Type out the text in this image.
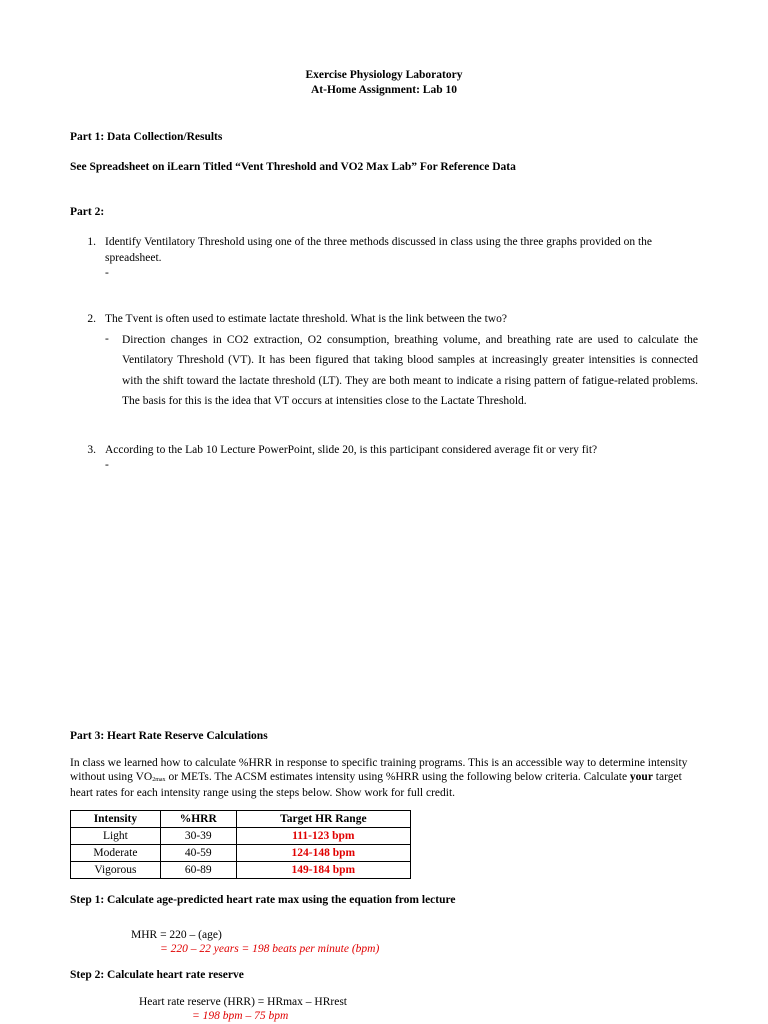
Exercise Physiology Laboratory
At-Home Assignment: Lab 10
Part 1: Data Collection/Results
See Spreadsheet on iLearn Titled “Vent Threshold and VO2 Max Lab” For Reference Data
Part 2:
1. Identify Ventilatory Threshold using one of the three methods discussed in class using the three graphs provided on the
spreadsheet.
-
2. The Tvent is often used to estimate lactate threshold. What is the link between the two?
- Direction changes in CO2 extraction, O2 consumption, breathing volume, and breathing rate are used to calculate the Ventilatory Threshold (VT). It has been figured that taking blood samples at increasingly greater intensities is connected with the shift toward the lactate threshold (LT). They are both meant to indicate a rising pattern of fatigue-related problems. The basis for this is the idea that VT occurs at intensities close to the Lactate Threshold.
3. According to the Lab 10 Lecture PowerPoint, slide 20, is this participant considered average fit or very fit?
-
Part 3: Heart Rate Reserve Calculations
In class we learned how to calculate %HRR in response to specific training programs. This is an accessible way to determine intensity
without using $VO_{2max}$ or METs. The ACSM estimates intensity using %HRR using the following below criteria. Calculate your target
heart rates for each intensity range using the steps below. Show work for full credit.
Intensity	%HRR	Target HR Range
Light	30-39	111-123 bpm
Moderate	40-59	124-148 bpm
Vigorous	60-89	149-184 bpm
Step 1: Calculate age-predicted heart rate max using the equation from lecture
MHR = 220 – (age)
= 220 – 22 years = 198 beats per minute (bpm)
Step 2: Calculate heart rate reserve
Heart rate reserve (HRR) = HRmax – HRrest
= 198 bpm – 75 bpm
